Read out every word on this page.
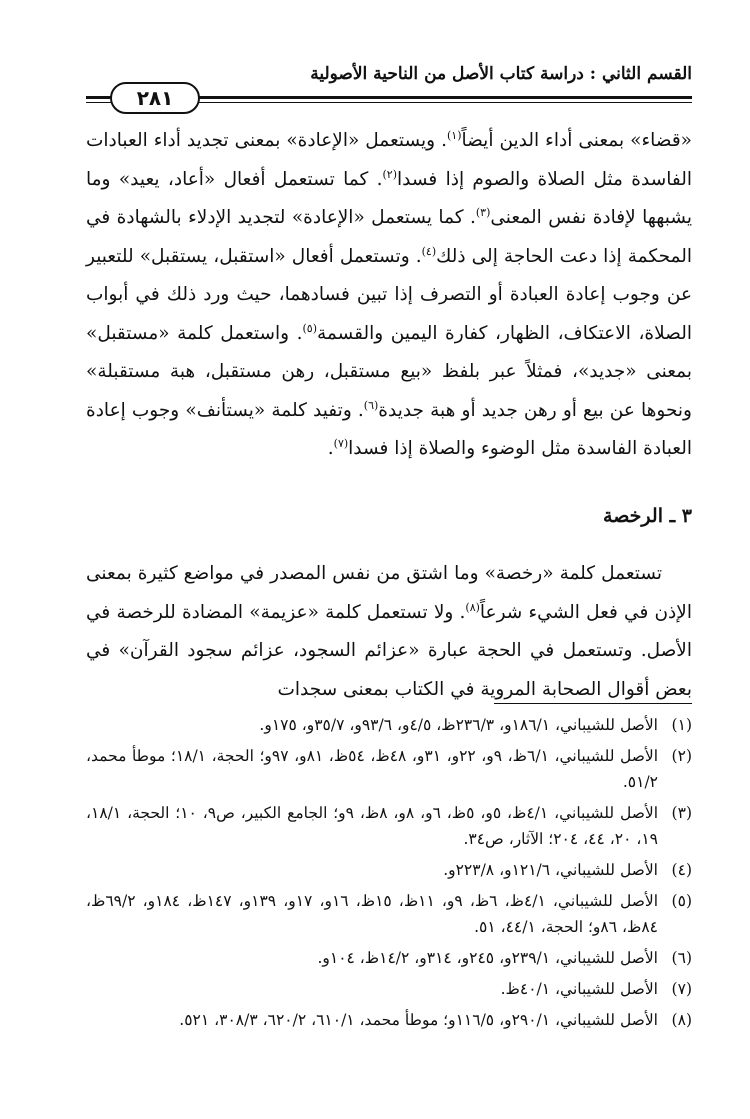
القسم الثاني : دراسة كتاب الأصل من الناحية الأصولية
٢٨١

«قضاء» بمعنى أداء الدين أيضاً$^{(١)}$. ويستعمل «الإعادة» بمعنى تجديد أداء العبادات الفاسدة مثل الصلاة والصوم إذا فسدا$^{(٢)}$. كما تستعمل أفعال «أعاد، يعيد» وما يشبهها لإفادة نفس المعنى$^{(٣)}$. كما يستعمل «الإعادة» لتجديد الإدلاء بالشهادة في المحكمة إذا دعت الحاجة إلى ذلك$^{(٤)}$. وتستعمل أفعال «استقبل، يستقبل» للتعبير عن وجوب إعادة العبادة أو التصرف إذا تبين فسادهما، حيث ورد ذلك في أبواب الصلاة، الاعتكاف، الظهار، كفارة اليمين والقسمة$^{(٥)}$. واستعمل كلمة «مستقبل» بمعنى «جديد»، فمثلاً عبر بلفظ «بيع مستقبل، رهن مستقبل، هبة مستقبلة» ونحوها عن بيع أو رهن جديد أو هبة جديدة$^{(٦)}$. وتفيد كلمة «يستأنف» وجوب إعادة العبادة الفاسدة مثل الوضوء والصلاة إذا فسدا$^{(٧)}$.

٣ ـ الرخصة

تستعمل كلمة «رخصة» وما اشتق من نفس المصدر في مواضع كثيرة بمعنى الإذن في فعل الشيء شرعاً$^{(٨)}$. ولا تستعمل كلمة «عزيمة» المضادة للرخصة في الأصل. وتستعمل في الحجة عبارة «عزائم السجود، عزائم سجود القرآن» في بعض أقوال الصحابة المروية في الكتاب بمعنى سجدات

(١)
الأصل للشيباني، ١٨٦/١و، ٢٣٦/٣ظ، ٤/٥و، ٩٣/٦و، ٣٥/٧و، ١٧٥و.
(٢)
الأصل للشيباني، ٦/١ظ، ٩و، ٢٢و، ٣١و، ٤٨ظ، ٥٤ظ، ٨١و، ٩٧و؛ الحجة، ١٨/١؛ موطأ محمد، ٥١/٢.
(٣)
الأصل للشيباني، ٤/١ظ، ٥و، ٥ظ، ٦و، ٨و، ٨ظ، ٩و؛ الجامع الكبير، ص٩، ١٠؛ الحجة، ١٨/١، ١٩، ٢٠، ٤٤، ٢٠٤؛ الآثار، ص٣٤.
(٤)
الأصل للشيباني، ١٢١/٦و، ٢٢٣/٨و.
(٥)
الأصل للشيباني، ٤/١ظ، ٦ظ، ٩و، ١١ظ، ١٥ظ، ١٦و، ١٧و، ١٣٩و، ١٤٧ظ، ١٨٤و، ٦٩/٢ظ، ٨٤ظ، ٨٦و؛ الحجة، ٤٤/١، ٥١.
(٦)
الأصل للشيباني، ٢٣٩/١و، ٢٤٥و، ٣١٤و، ١٤/٢ظ، ١٠٤و.
(٧)
الأصل للشيباني، ٤٠/١ظ.
(٨)
الأصل للشيباني، ٢٩٠/١و، ١١٦/٥و؛ موطأ محمد، ٦١٠/١، ٦٢٠/٢، ٣٠٨/٣، ٥٢١.
